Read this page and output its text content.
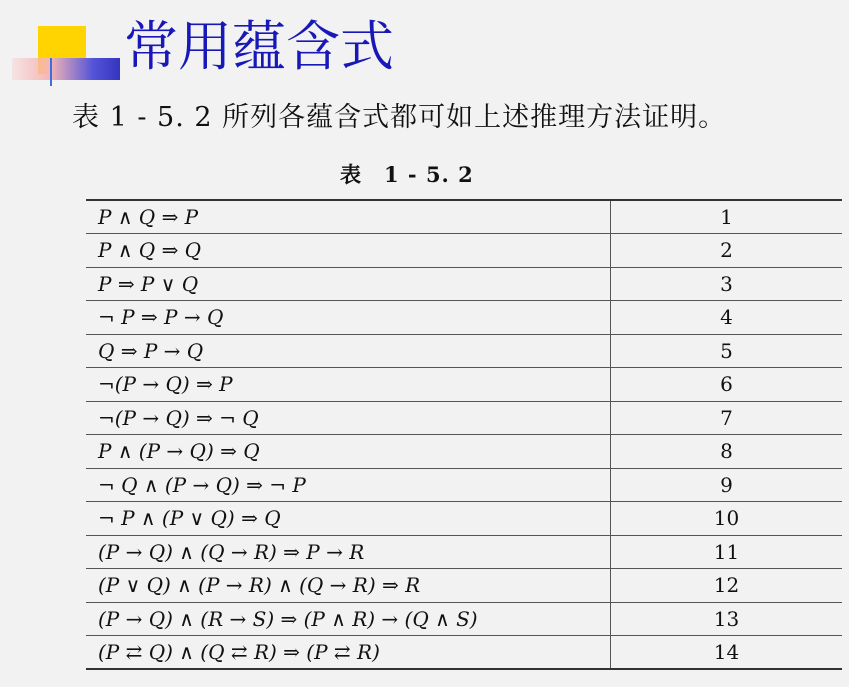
常用蕴含式
表 1 - 5. 2 所列各蕴含式都可如上述推理方法证明。
表　1 - 5. 2
P ∧ Q ⇒ P	1
P ∧ Q ⇒ Q	2
P ⇒ P ∨ Q	3
¬ P ⇒ P → Q	4
Q ⇒ P → Q	5
¬(P → Q) ⇒ P	6
¬(P → Q) ⇒ ¬ Q	7
P ∧ (P → Q) ⇒ Q	8
¬ Q ∧ (P → Q) ⇒ ¬ P	9
¬ P ∧ (P ∨ Q) ⇒ Q	10
(P → Q) ∧ (Q → R) ⇒ P → R	11
(P ∨ Q) ∧ (P → R) ∧ (Q → R) ⇒ R	12
(P → Q) ∧ (R → S) ⇒ (P ∧ R) → (Q ∧ S)	13
(P ⇄ Q) ∧ (Q ⇄ R) ⇒ (P ⇄ R)	14
